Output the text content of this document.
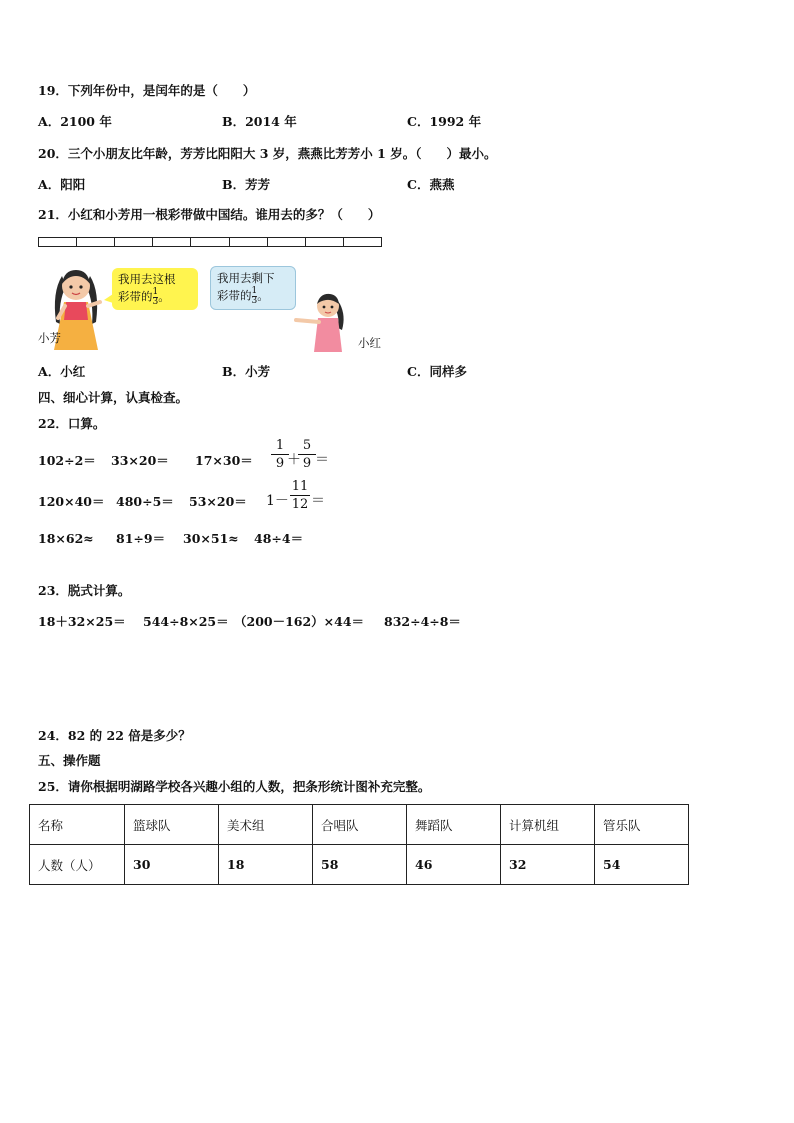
19．下列年份中，是闰年的是（　　）
A．2100 年	B．2014 年	C．1992 年
20．三个小朋友比年龄，芳芳比阳阳大 3 岁，燕燕比芳芳小 1 岁。（　　）最小。
A．阳阳	B．芳芳	C．燕燕
21．小红和小芳用一根彩带做中国结。谁用去的多？（　　）
小芳
我用去这根
彩带的 $\frac{1}{3}$ 。
我用去剩下
彩带的 $\frac{1}{3}$ 。
小红
A．小红	B．小芳	C．同样多
四、细心计算，认真检查。
22．口算。
102÷2＝ 33×20＝ 17×30＝
1
9 ＋
5
9 ＝
120×40＝ 480÷5＝ 53×20＝ 1－
11
12 ＝
18×62≈ 81÷9＝ 30×51≈ 48÷4＝
23．脱式计算。
18＋32×25＝ 544÷8×25＝ （200－162）×44＝ 832÷4÷8＝
24．82 的 22 倍是多少？
五、操作题
25．请你根据明湖路学校各兴趣小组的人数，把条形统计图补充完整。
名称	篮球队	美术组	合唱队	舞蹈队	计算机组	管乐队
人数（人）	30	18	58	46	32	54
